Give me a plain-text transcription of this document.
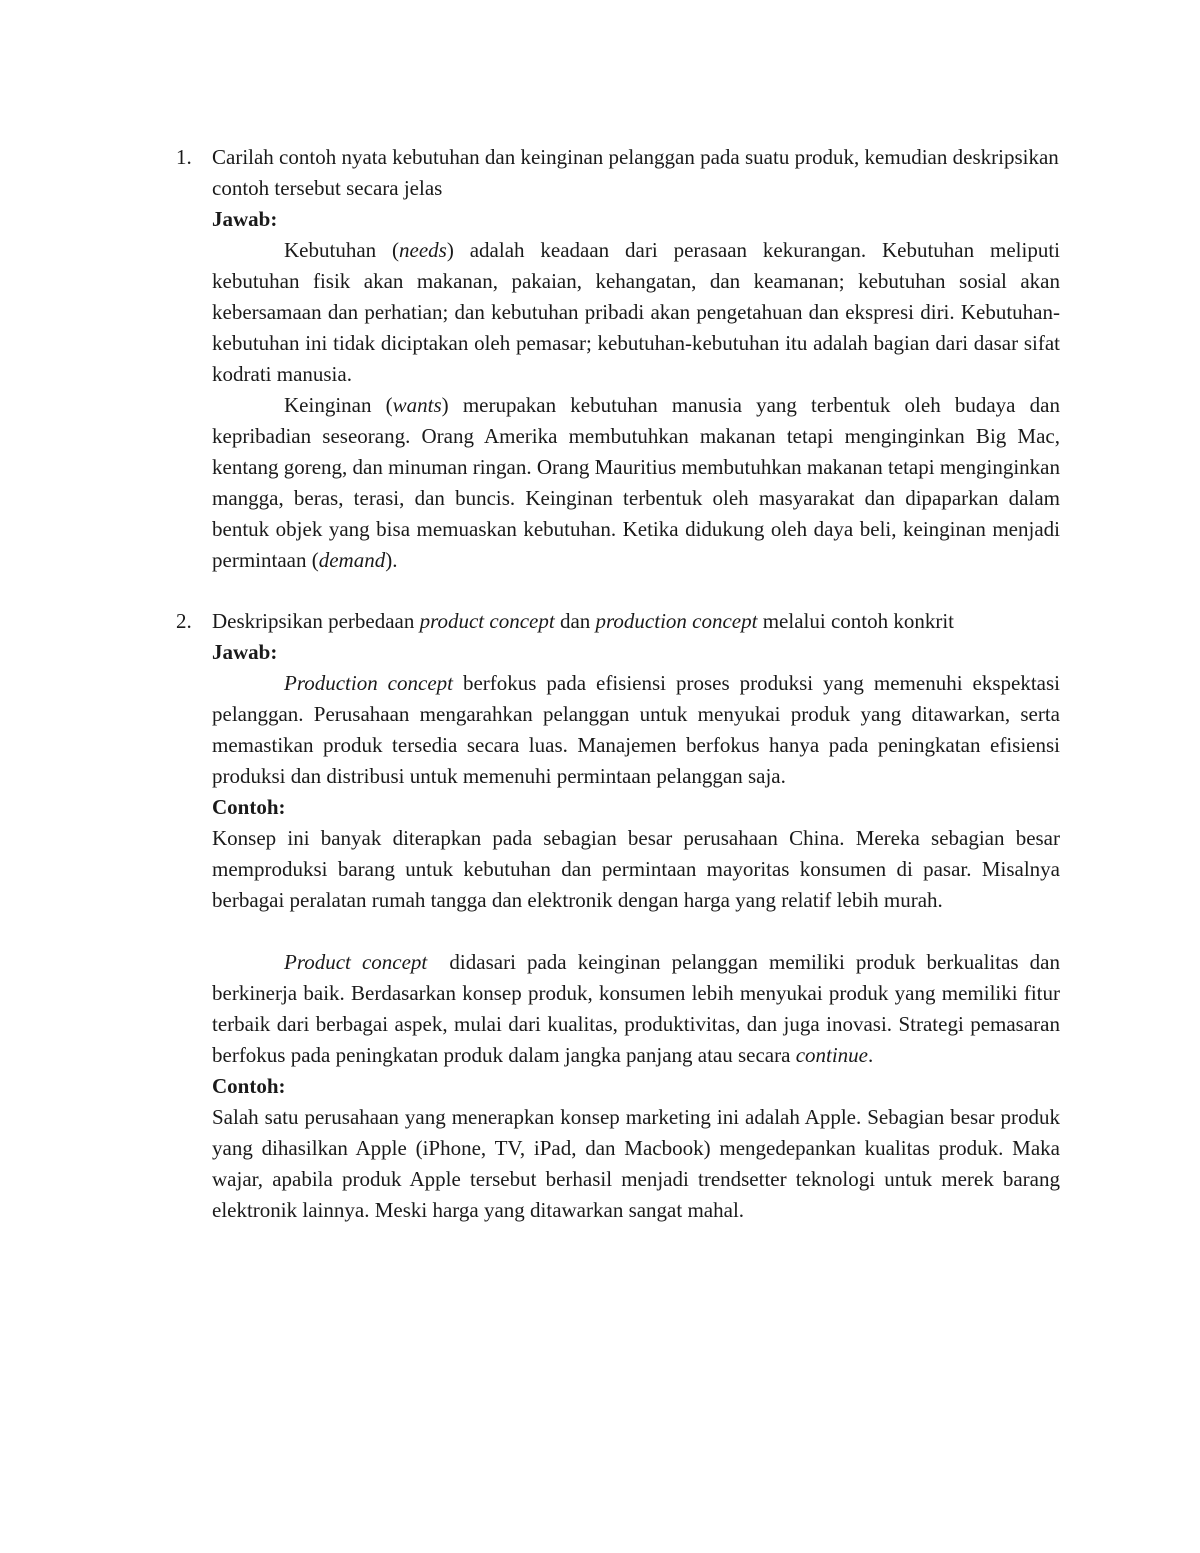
1. Carilah contoh nyata kebutuhan dan keinginan pelanggan pada suatu produk, kemudian deskripsikan contoh tersebut secara jelas

Jawab:

Kebutuhan (needs) adalah keadaan dari perasaan kekurangan. Kebutuhan meliputi kebutuhan fisik akan makanan, pakaian, kehangatan, dan keamanan; kebutuhan sosial akan kebersamaan dan perhatian; dan kebutuhan pribadi akan pengetahuan dan ekspresi diri. Kebutuhan-kebutuhan ini tidak diciptakan oleh pemasar; kebutuhan-kebutuhan itu adalah bagian dari dasar sifat kodrati manusia.

Keinginan (wants) merupakan kebutuhan manusia yang terbentuk oleh budaya dan kepribadian seseorang. Orang Amerika membutuhkan makanan tetapi menginginkan Big Mac, kentang goreng, dan minuman ringan. Orang Mauritius membutuhkan makanan tetapi menginginkan mangga, beras, terasi, dan buncis. Keinginan terbentuk oleh masyarakat dan dipaparkan dalam bentuk objek yang bisa memuaskan kebutuhan. Ketika didukung oleh daya beli, keinginan menjadi permintaan (demand).

2. Deskripsikan perbedaan product concept dan production concept melalui contoh konkrit

Jawab:

Production concept berfokus pada efisiensi proses produksi yang memenuhi ekspektasi pelanggan. Perusahaan mengarahkan pelanggan untuk menyukai produk yang ditawarkan, serta memastikan produk tersedia secara luas. Manajemen berfokus hanya pada peningkatan efisiensi produksi dan distribusi untuk memenuhi permintaan pelanggan saja.

Contoh:

Konsep ini banyak diterapkan pada sebagian besar perusahaan China. Mereka sebagian besar memproduksi barang untuk kebutuhan dan permintaan mayoritas konsumen di pasar. Misalnya berbagai peralatan rumah tangga dan elektronik dengan harga yang relatif lebih murah.

Product concept  didasari pada keinginan pelanggan memiliki produk berkualitas dan berkinerja baik. Berdasarkan konsep produk, konsumen lebih menyukai produk yang memiliki fitur terbaik dari berbagai aspek, mulai dari kualitas, produktivitas, dan juga inovasi. Strategi pemasaran berfokus pada peningkatan produk dalam jangka panjang atau secara continue.

Contoh:

Salah satu perusahaan yang menerapkan konsep marketing ini adalah Apple. Sebagian besar produk yang dihasilkan Apple (iPhone, TV, iPad, dan Macbook) mengedepankan kualitas produk. Maka wajar, apabila produk Apple tersebut berhasil menjadi trendsetter teknologi untuk merek barang elektronik lainnya. Meski harga yang ditawarkan sangat mahal.
